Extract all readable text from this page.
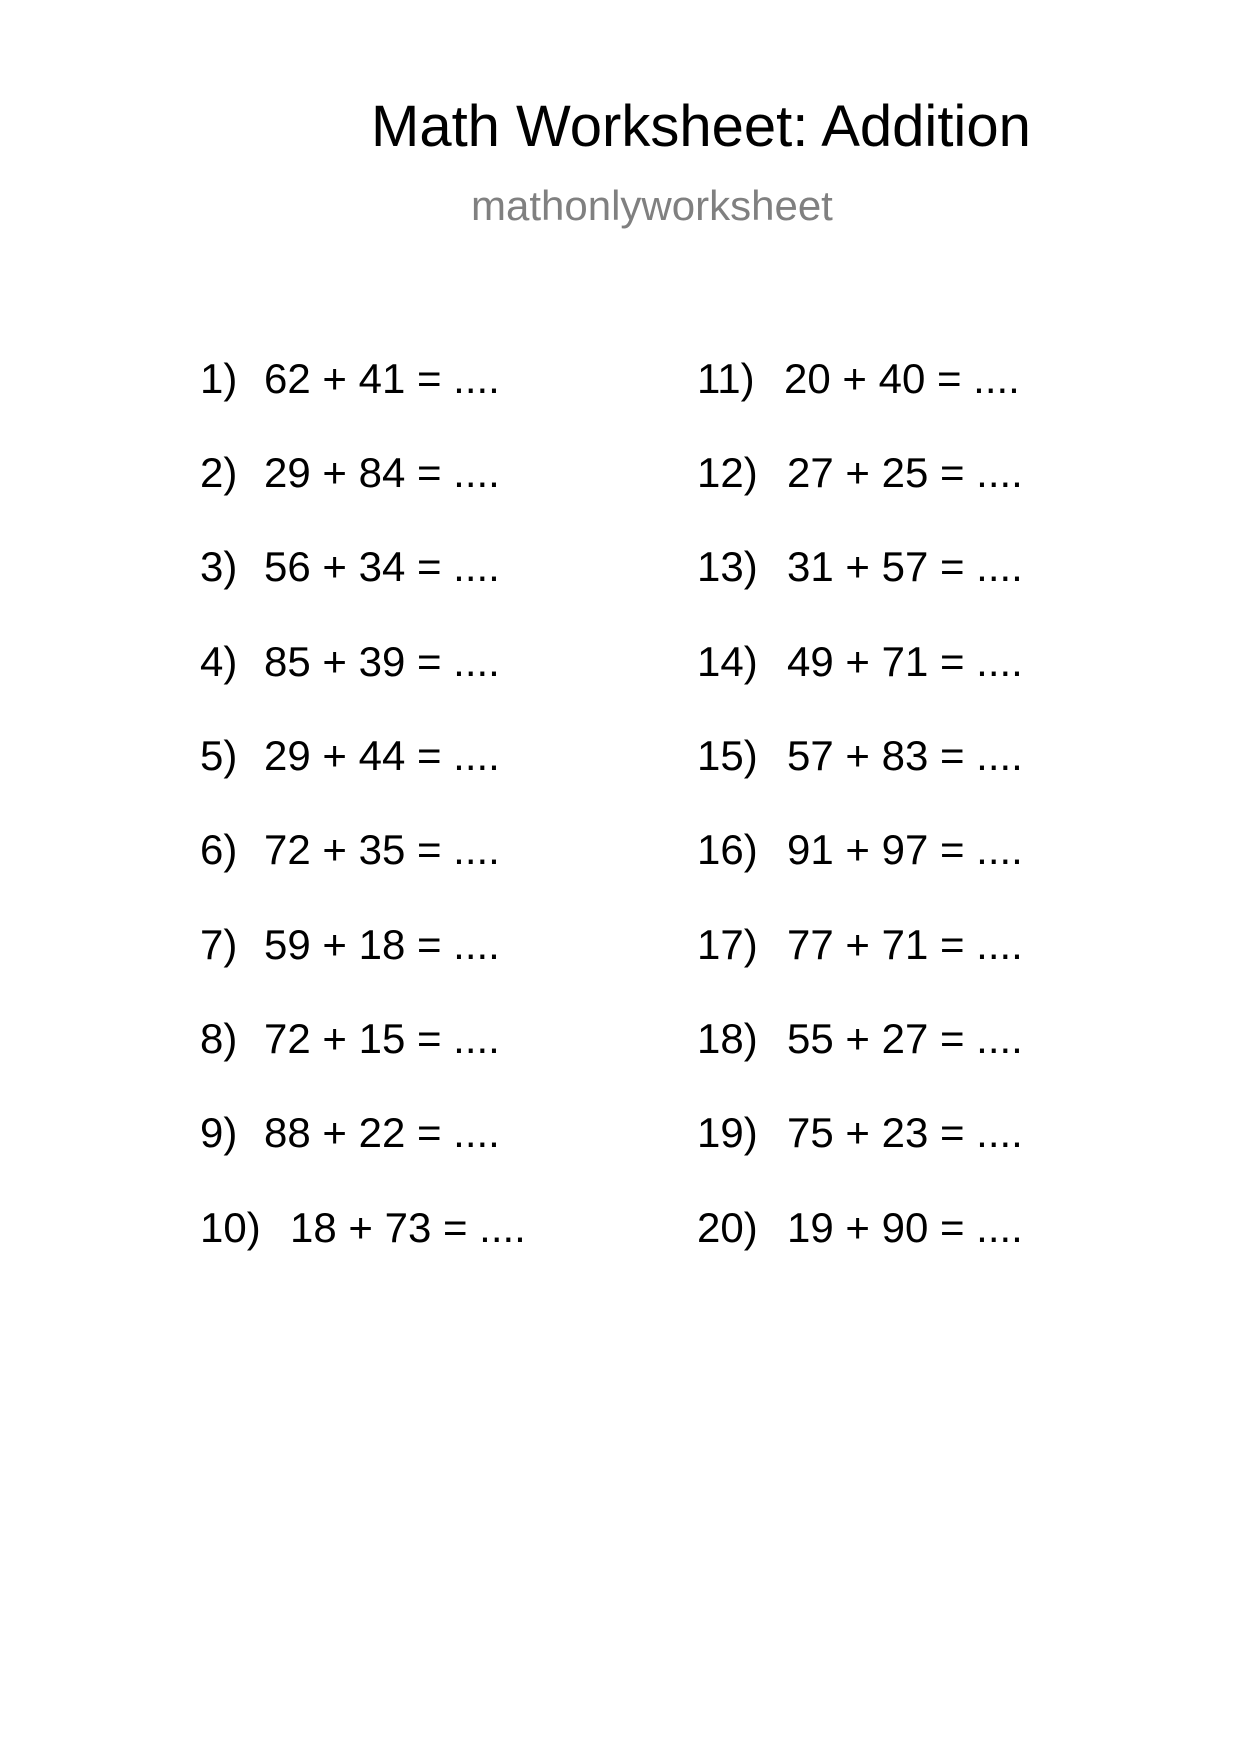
Math Worksheet: Addition
mathonlyworksheet
1) 62 + 41 = ....
2) 29 + 84 = ....
3) 56 + 34 = ....
4) 85 + 39 = ....
5) 29 + 44 = ....
6) 72 + 35 = ....
7) 59 + 18 = ....
8) 72 + 15 = ....
9) 88 + 22 = ....
10) 18 + 73 = ....
11) 20 + 40 = ....
12) 27 + 25 = ....
13) 31 + 57 = ....
14) 49 + 71 = ....
15) 57 + 83 = ....
16) 91 + 97 = ....
17) 77 + 71 = ....
18) 55 + 27 = ....
19) 75 + 23 = ....
20) 19 + 90 = ....
